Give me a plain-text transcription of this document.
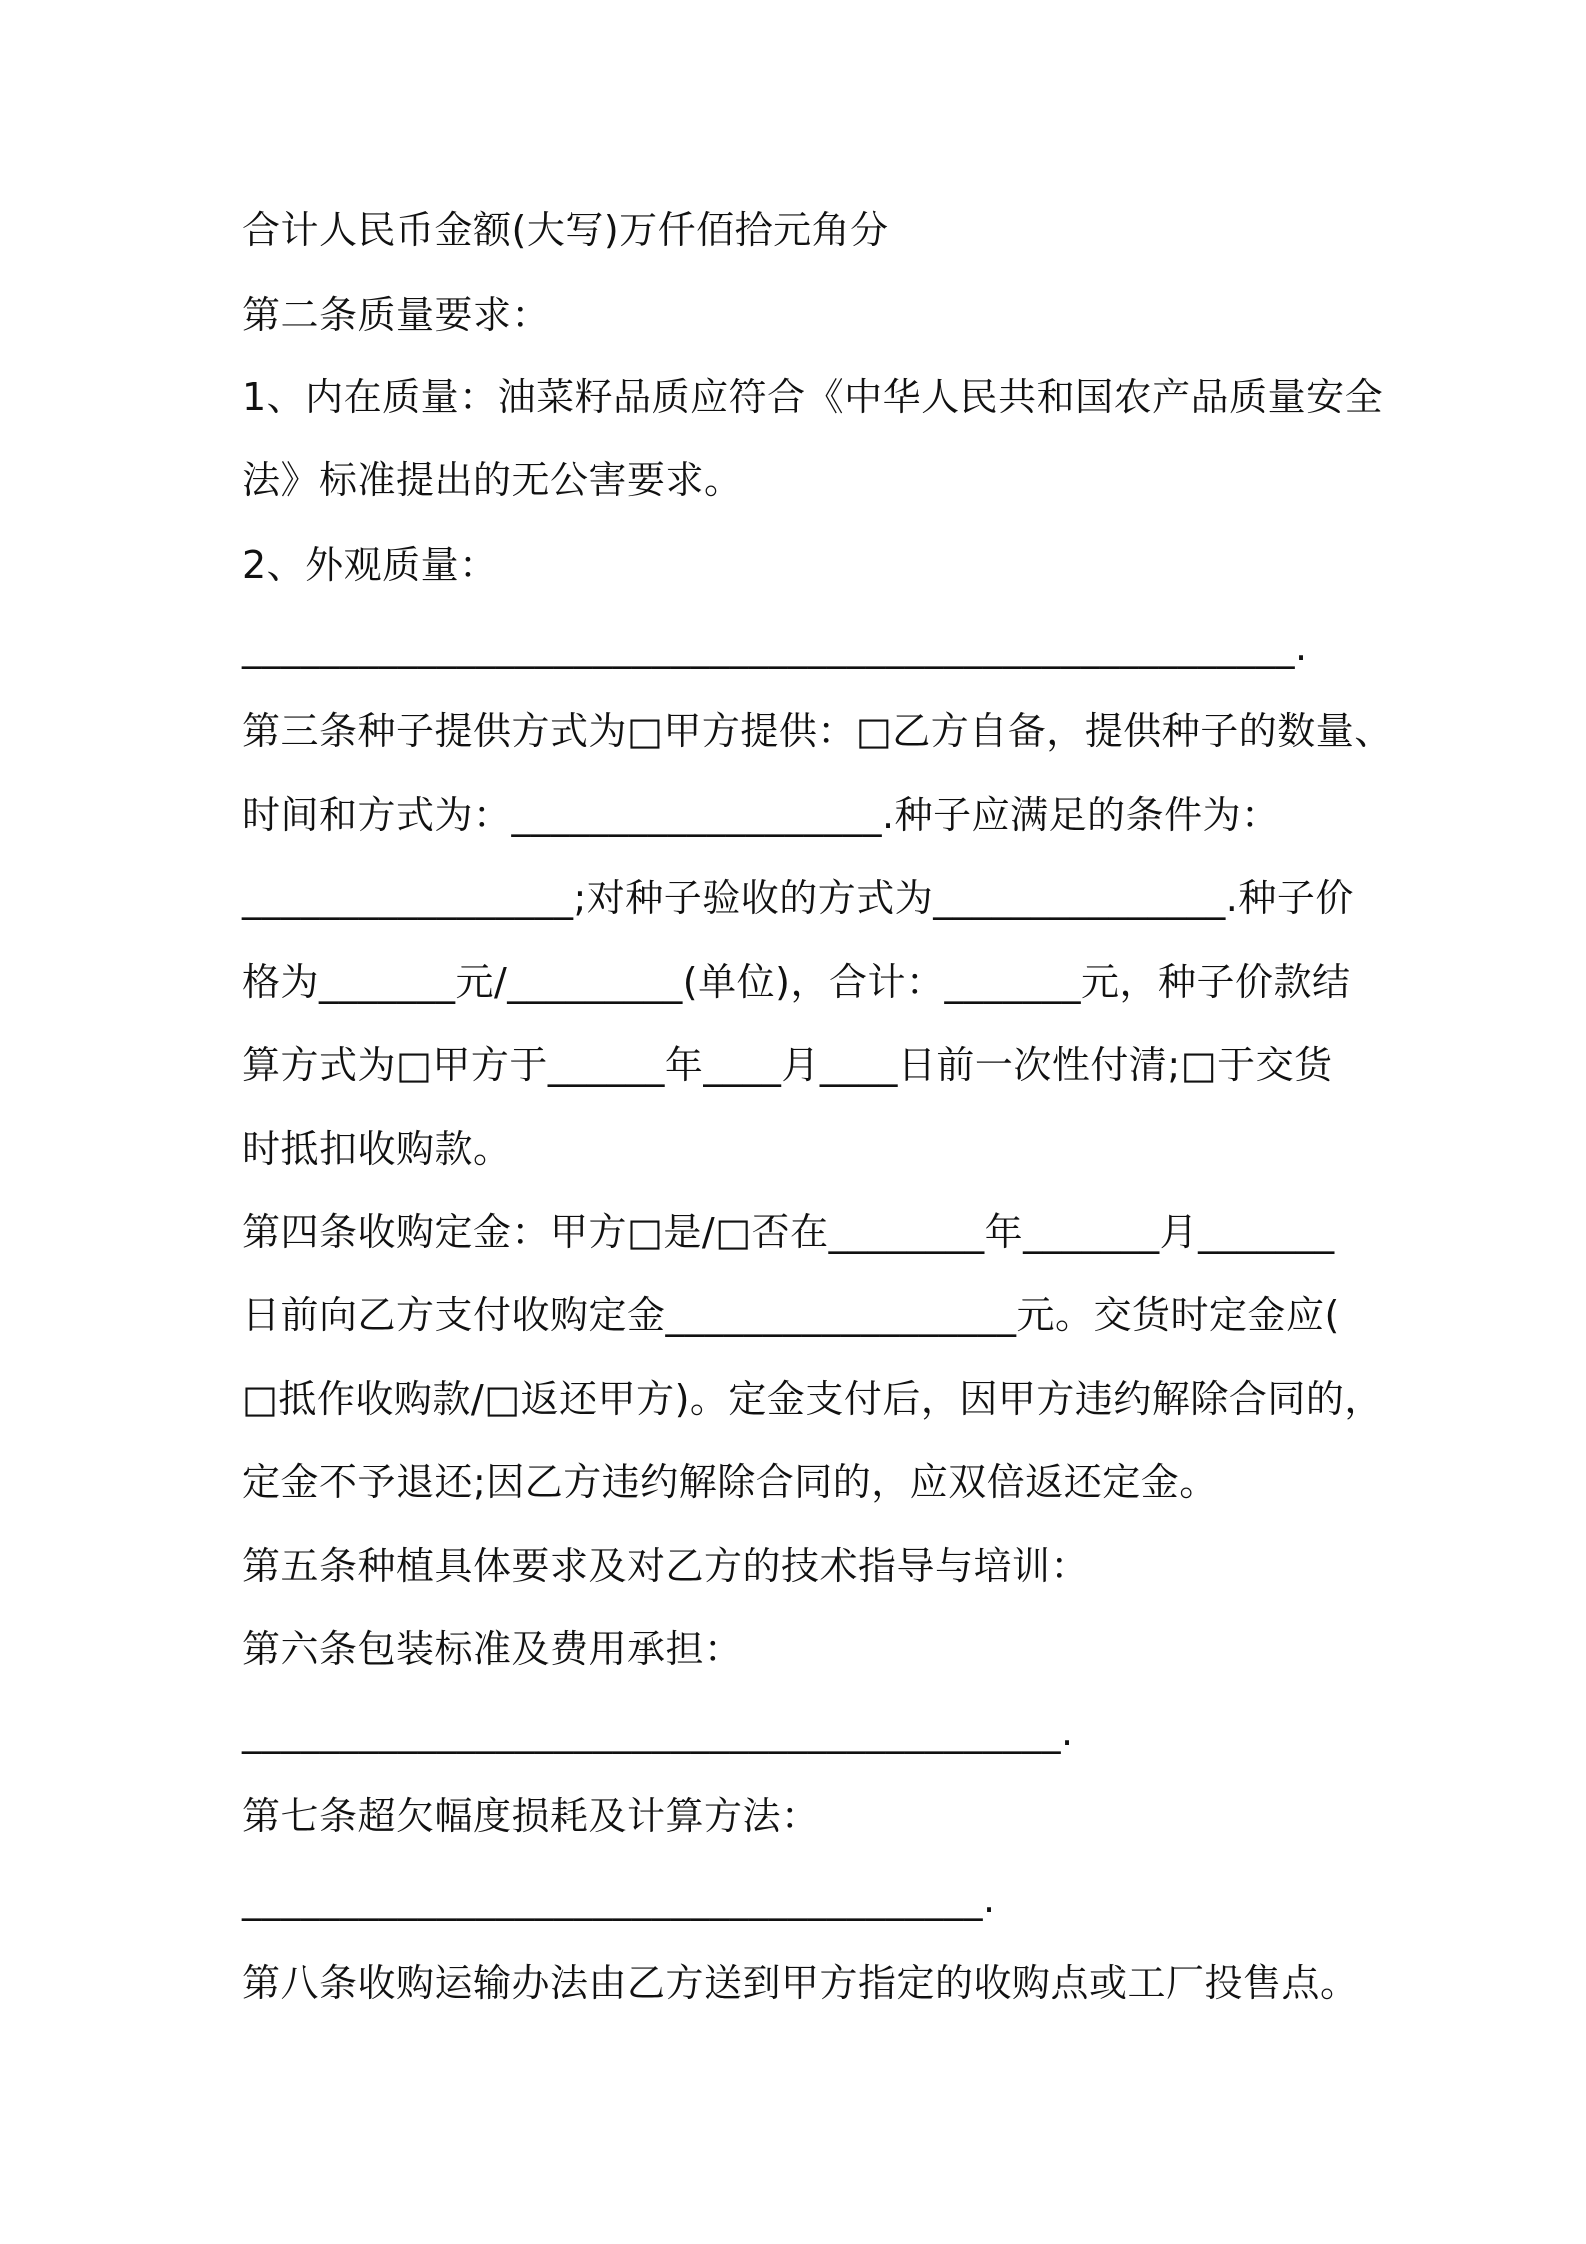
合计人民币金额(大写)万仟佰拾元角分
第二条质量要求：
1、内在质量：油菜籽品质应符合《中华人民共和国农产品质量安全
法》标准提出的无公害要求。
2、外观质量：
______________________________________________________.
第三条种子提供方式为□甲方提供：□乙方自备，提供种子的数量、
时间和方式为：___________________.种子应满足的条件为：
_________________;对种子验收的方式为_______________.种子价
格为_______元/_________(单位)，合计：_______元，种子价款结
算方式为□甲方于______年____月____日前一次性付清;□于交货
时抵扣收购款。
第四条收购定金：甲方□是/□否在________年_______月_______
日前向乙方支付收购定金__________________元。交货时定金应(
□抵作收购款/□返还甲方)。定金支付后，因甲方违约解除合同的，
定金不予退还;因乙方违约解除合同的，应双倍返还定金。
第五条种植具体要求及对乙方的技术指导与培训：
第六条包装标准及费用承担：
__________________________________________.
第七条超欠幅度损耗及计算方法：
______________________________________.
第八条收购运输办法由乙方送到甲方指定的收购点或工厂投售点。
